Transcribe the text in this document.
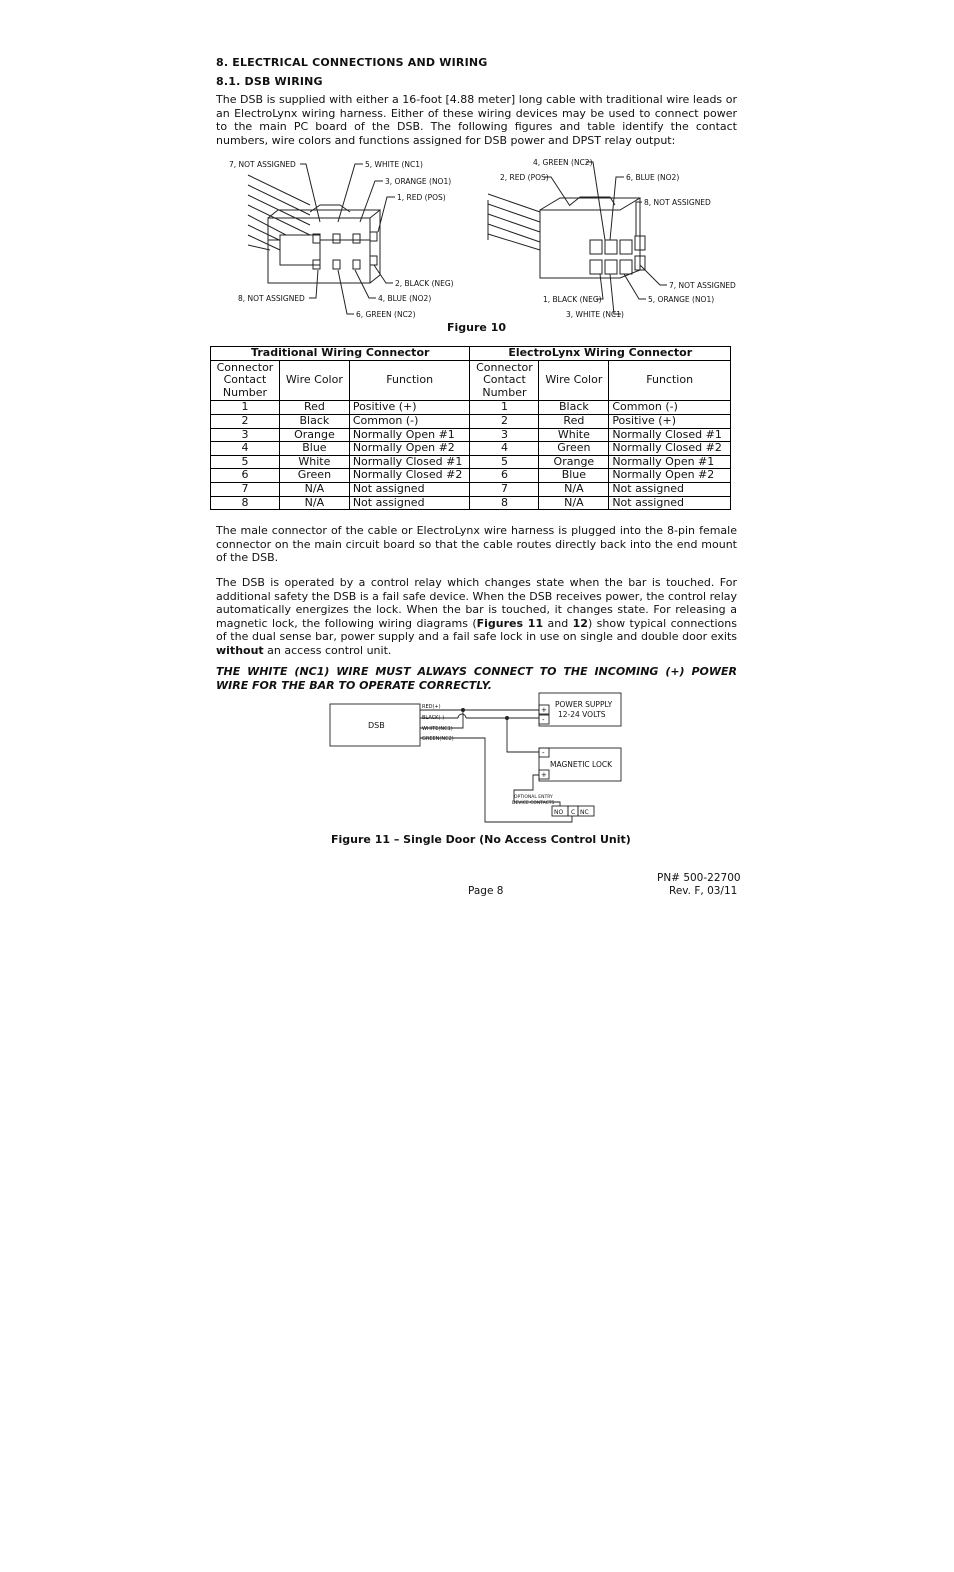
8. ELECTRICAL CONNECTIONS AND WIRING
8.1. DSB WIRING
The DSB is supplied with either a 16-foot [4.88 meter] long cable with traditional wire leads or an ElectroLynx wiring harness. Either of these wiring devices may be used to connect power to the main PC board of the DSB. The following figures and table identify the contact numbers, wire colors and functions assigned for DSB power and DPST relay output:
7, NOT ASSIGNED	5, WHITE (NC1)
3, ORANGE (NO1)
1, RED (POS)
2, BLACK (NEG)
8, NOT ASSIGNED	4, BLUE (NO2)
6, GREEN (NC2)
4, GREEN (NC2)
2, RED (POS)	6, BLUE (NO2)
8, NOT ASSIGNED
7, NOT ASSIGNED
1, BLACK (NEG)	5, ORANGE (NO1)
3, WHITE (NC1)
Figure 10
Traditional Wiring Connector			ElectroLynx Wiring Connector		
Connector Contact Number	Wire Color	Function	Connector Contact Number	Wire Color	Function
1	Red	Positive (+)	1	Black	Common (-)
2	Black	Common (-)	2	Red	Positive (+)
3	Orange	Normally Open #1	3	White	Normally Closed #1
4	Blue	Normally Open #2	4	Green	Normally Closed #2
5	White	Normally Closed #1	5	Orange	Normally Open #1
6	Green	Normally Closed #2	6	Blue	Normally Open #2
7	N/A	Not assigned	7	N/A	Not assigned
8	N/A	Not assigned	8	N/A	Not assigned
The male connector of the cable or ElectroLynx wire harness is plugged into the 8-pin female connector on the main circuit board so that the cable routes directly back into the end mount of the DSB.
The DSB is operated by a control relay which changes state when the bar is touched. For additional safety the DSB is a fail safe device. When the DSB receives power, the control relay automatically energizes the lock. When the bar is touched, it changes state. For releasing a magnetic lock, the following wiring diagrams (Figures 11 and 12) show typical connections of the dual sense bar, power supply and a fail safe lock in use on single and double door exits without an access control unit.
THE WHITE (NC1) WIRE MUST ALWAYS CONNECT TO THE INCOMING (+) POWER WIRE FOR THE BAR TO OPERATE CORRECTLY.
DSB
RED(+)
BLACK(-)
WHITE(NC1)
GREEN(NC2)
POWER SUPPLY
12-24 VOLTS
MAGNETIC LOCK
+
-
-
+
OPTIONAL ENTRY
DEVICE CONTACTS
NO C NC
Figure 11 – Single Door (No Access Control Unit)
PN# 500-22700
Page 8	Rev. F, 03/11
